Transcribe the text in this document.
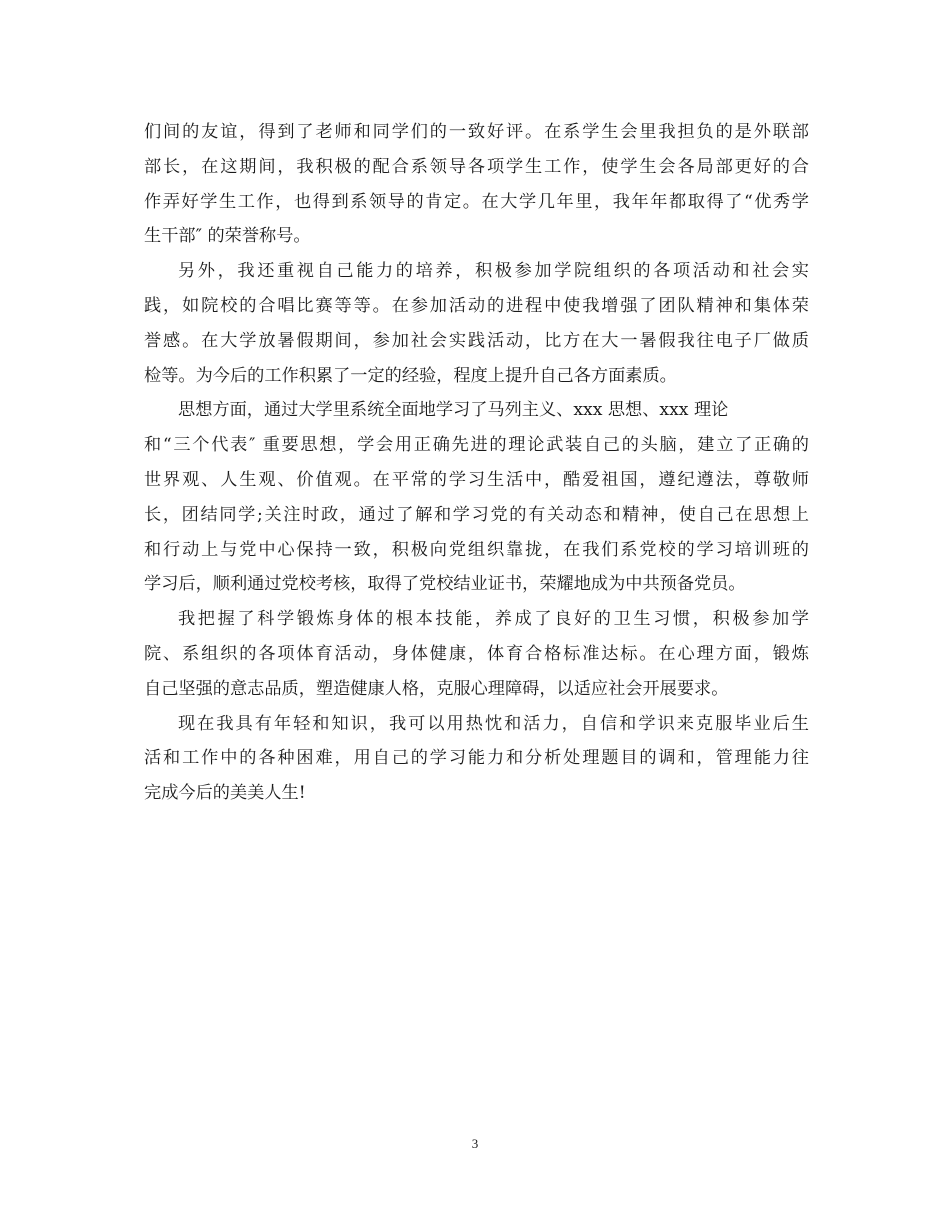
们间的友谊，得到了老师和同学们的一致好评。在系学生会里我担负的是外联部
部长，在这期间，我积极的配合系领导各项学生工作，使学生会各局部更好的合
作弄好学生工作，也得到系领导的肯定。在大学几年里，我年年都取得了“优秀学
生干部″ 的荣誉称号。
另外，我还重视自己能力的培养，积极参加学院组织的各项活动和社会实
践，如院校的合唱比赛等等。在参加活动的进程中使我增强了团队精神和集体荣
誉感。在大学放暑假期间，参加社会实践活动，比方在大一暑假我往电子厂做质
检等。为今后的工作积累了一定的经验，程度上提升自己各方面素质。
思想方面，通过大学里系统全面地学习了马列主义、xxx 思想、xxx 理论
和“三个代表″ 重要思想，学会用正确先进的理论武装自己的头脑，建立了正确的
世界观、人生观、价值观。在平常的学习生活中，酷爱祖国，遵纪遵法，尊敬师
长，团结同学;关注时政，通过了解和学习党的有关动态和精神，使自己在思想上
和行动上与党中心保持一致，积极向党组织靠拢，在我们系党校的学习培训班的
学习后，顺利通过党校考核，取得了党校结业证书，荣耀地成为中共预备党员。
我把握了科学锻炼身体的根本技能，养成了良好的卫生习惯，积极参加学
院、系组织的各项体育活动，身体健康，体育合格标准达标。在心理方面，锻炼
自己坚强的意志品质，塑造健康人格，克服心理障碍，以适应社会开展要求。
现在我具有年轻和知识，我可以用热忱和活力，自信和学识来克服毕业后生
活和工作中的各种困难，用自己的学习能力和分析处理题目的调和，管理能力往
完成今后的美美人生!
3
